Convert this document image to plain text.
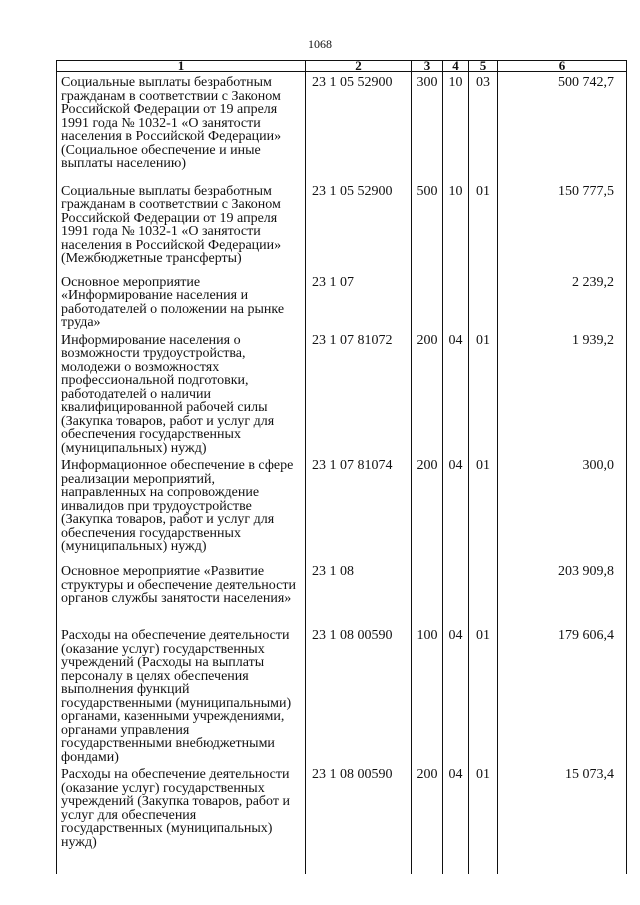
1068
1	2	3	4	5	6
Социальные выплаты безработным гражданам в соответствии с Законом Российской Федерации от 19 апреля 1991 года № 1032-1 «О занятости населения в Российской Федерации» (Социальное обеспечение и иные выплаты населению)	23 1 05 52900	300	10	03	500 742,7
Социальные выплаты безработным гражданам в соответствии с Законом Российской Федерации от 19 апреля 1991 года № 1032-1 «О занятости населения в Российской Федерации» (Межбюджетные трансферты)	23 1 05 52900	500	10	01	150 777,5
Основное мероприятие «Информирование населения и работодателей о положении на рынке труда»	23 1 07				2 239,2
Информирование населения о возможности трудоустройства, молодежи о возможностях профессиональной подготовки, работодателей о наличии квалифицированной рабочей силы (Закупка товаров, работ и услуг для обеспечения государственных (муниципальных) нужд)	23 1 07 81072	200	04	01	1 939,2
Информационное обеспечение в сфере реализации мероприятий, направленных на сопровождение инвалидов при трудоустройстве (Закупка товаров, работ и услуг для обеспечения государственных (муниципальных) нужд)	23 1 07 81074	200	04	01	300,0
Основное мероприятие «Развитие структуры и обеспечение деятельности органов службы занятости населения»	23 1 08				203 909,8
Расходы на обеспечение деятельности (оказание услуг) государственных учреждений (Расходы на выплаты персоналу в целях обеспечения выполнения функций государственными (муниципальными) органами, казенными учреждениями, органами управления государственными внебюджетными фондами)	23 1 08 00590	100	04	01	179 606,4
Расходы на обеспечение деятельности (оказание услуг) государственных учреждений (Закупка товаров, работ и услуг для обеспечения государственных (муниципальных) нужд)	23 1 08 00590	200	04	01	15 073,4
